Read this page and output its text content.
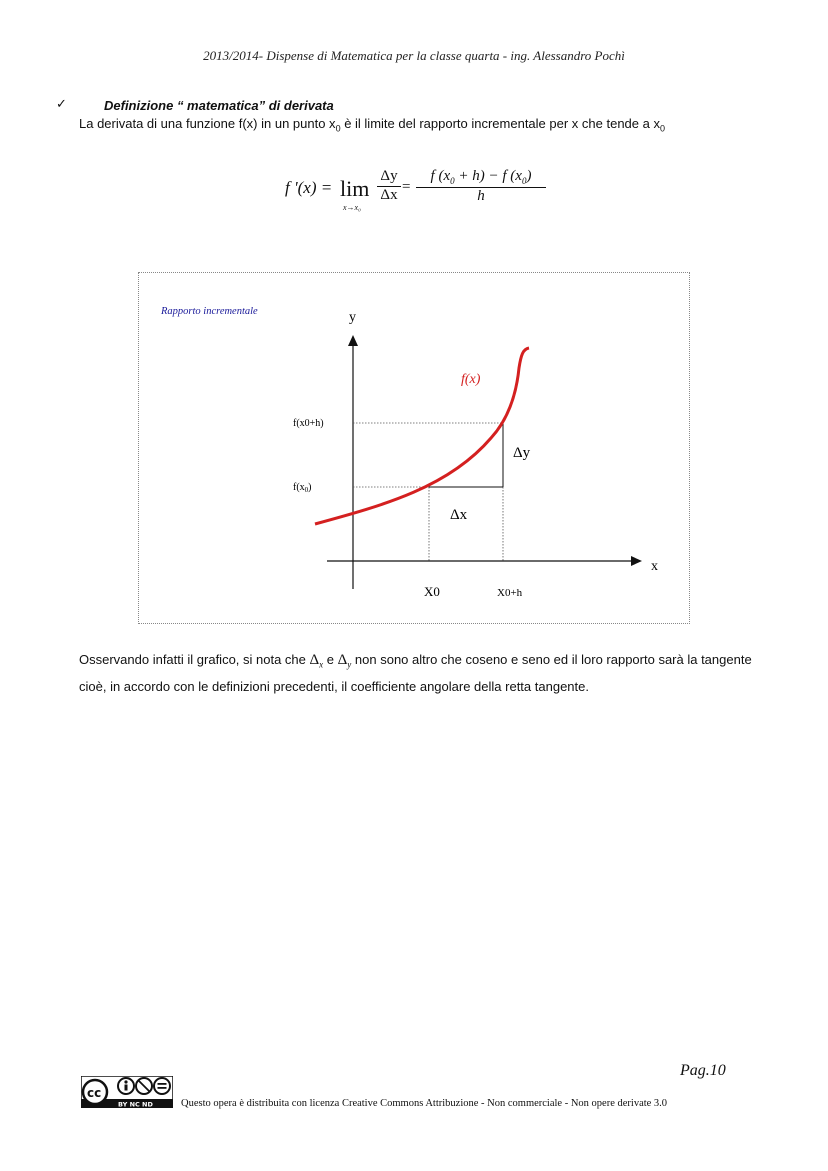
2013/2014- Dispense di Matematica per la classe quarta - ing. Alessandro Pochì
✓	Definizione “ matematica” di derivata
La derivata di una funzione f(x) in un punto $x_0$ è il limite del rapporto incrementale per x che tende a $x_0$
f '(x) = lim
x→x₀
$\frac{\Delta y}{\Delta x} = \frac{f (x_0 + h) - f (x_0)}{h}$
Rapporto incrementale	y
x
f(x)
f(x0+h)
$f(x_0)$
Δy
Δx
X0	X0+h
Osservando infatti il grafico, si nota che $\Delta_x$ e $\Delta_y$ non sono altro che coseno e seno ed il loro rapporto sarà la tangente cioè, in accordo con le definizioni precedenti, il coefficiente angolare della retta tangente.
Pag.10
cc
BY NC ND	Questo opera è distribuita con licenza Creative Commons Attribuzione - Non commerciale - Non opere derivate 3.0
